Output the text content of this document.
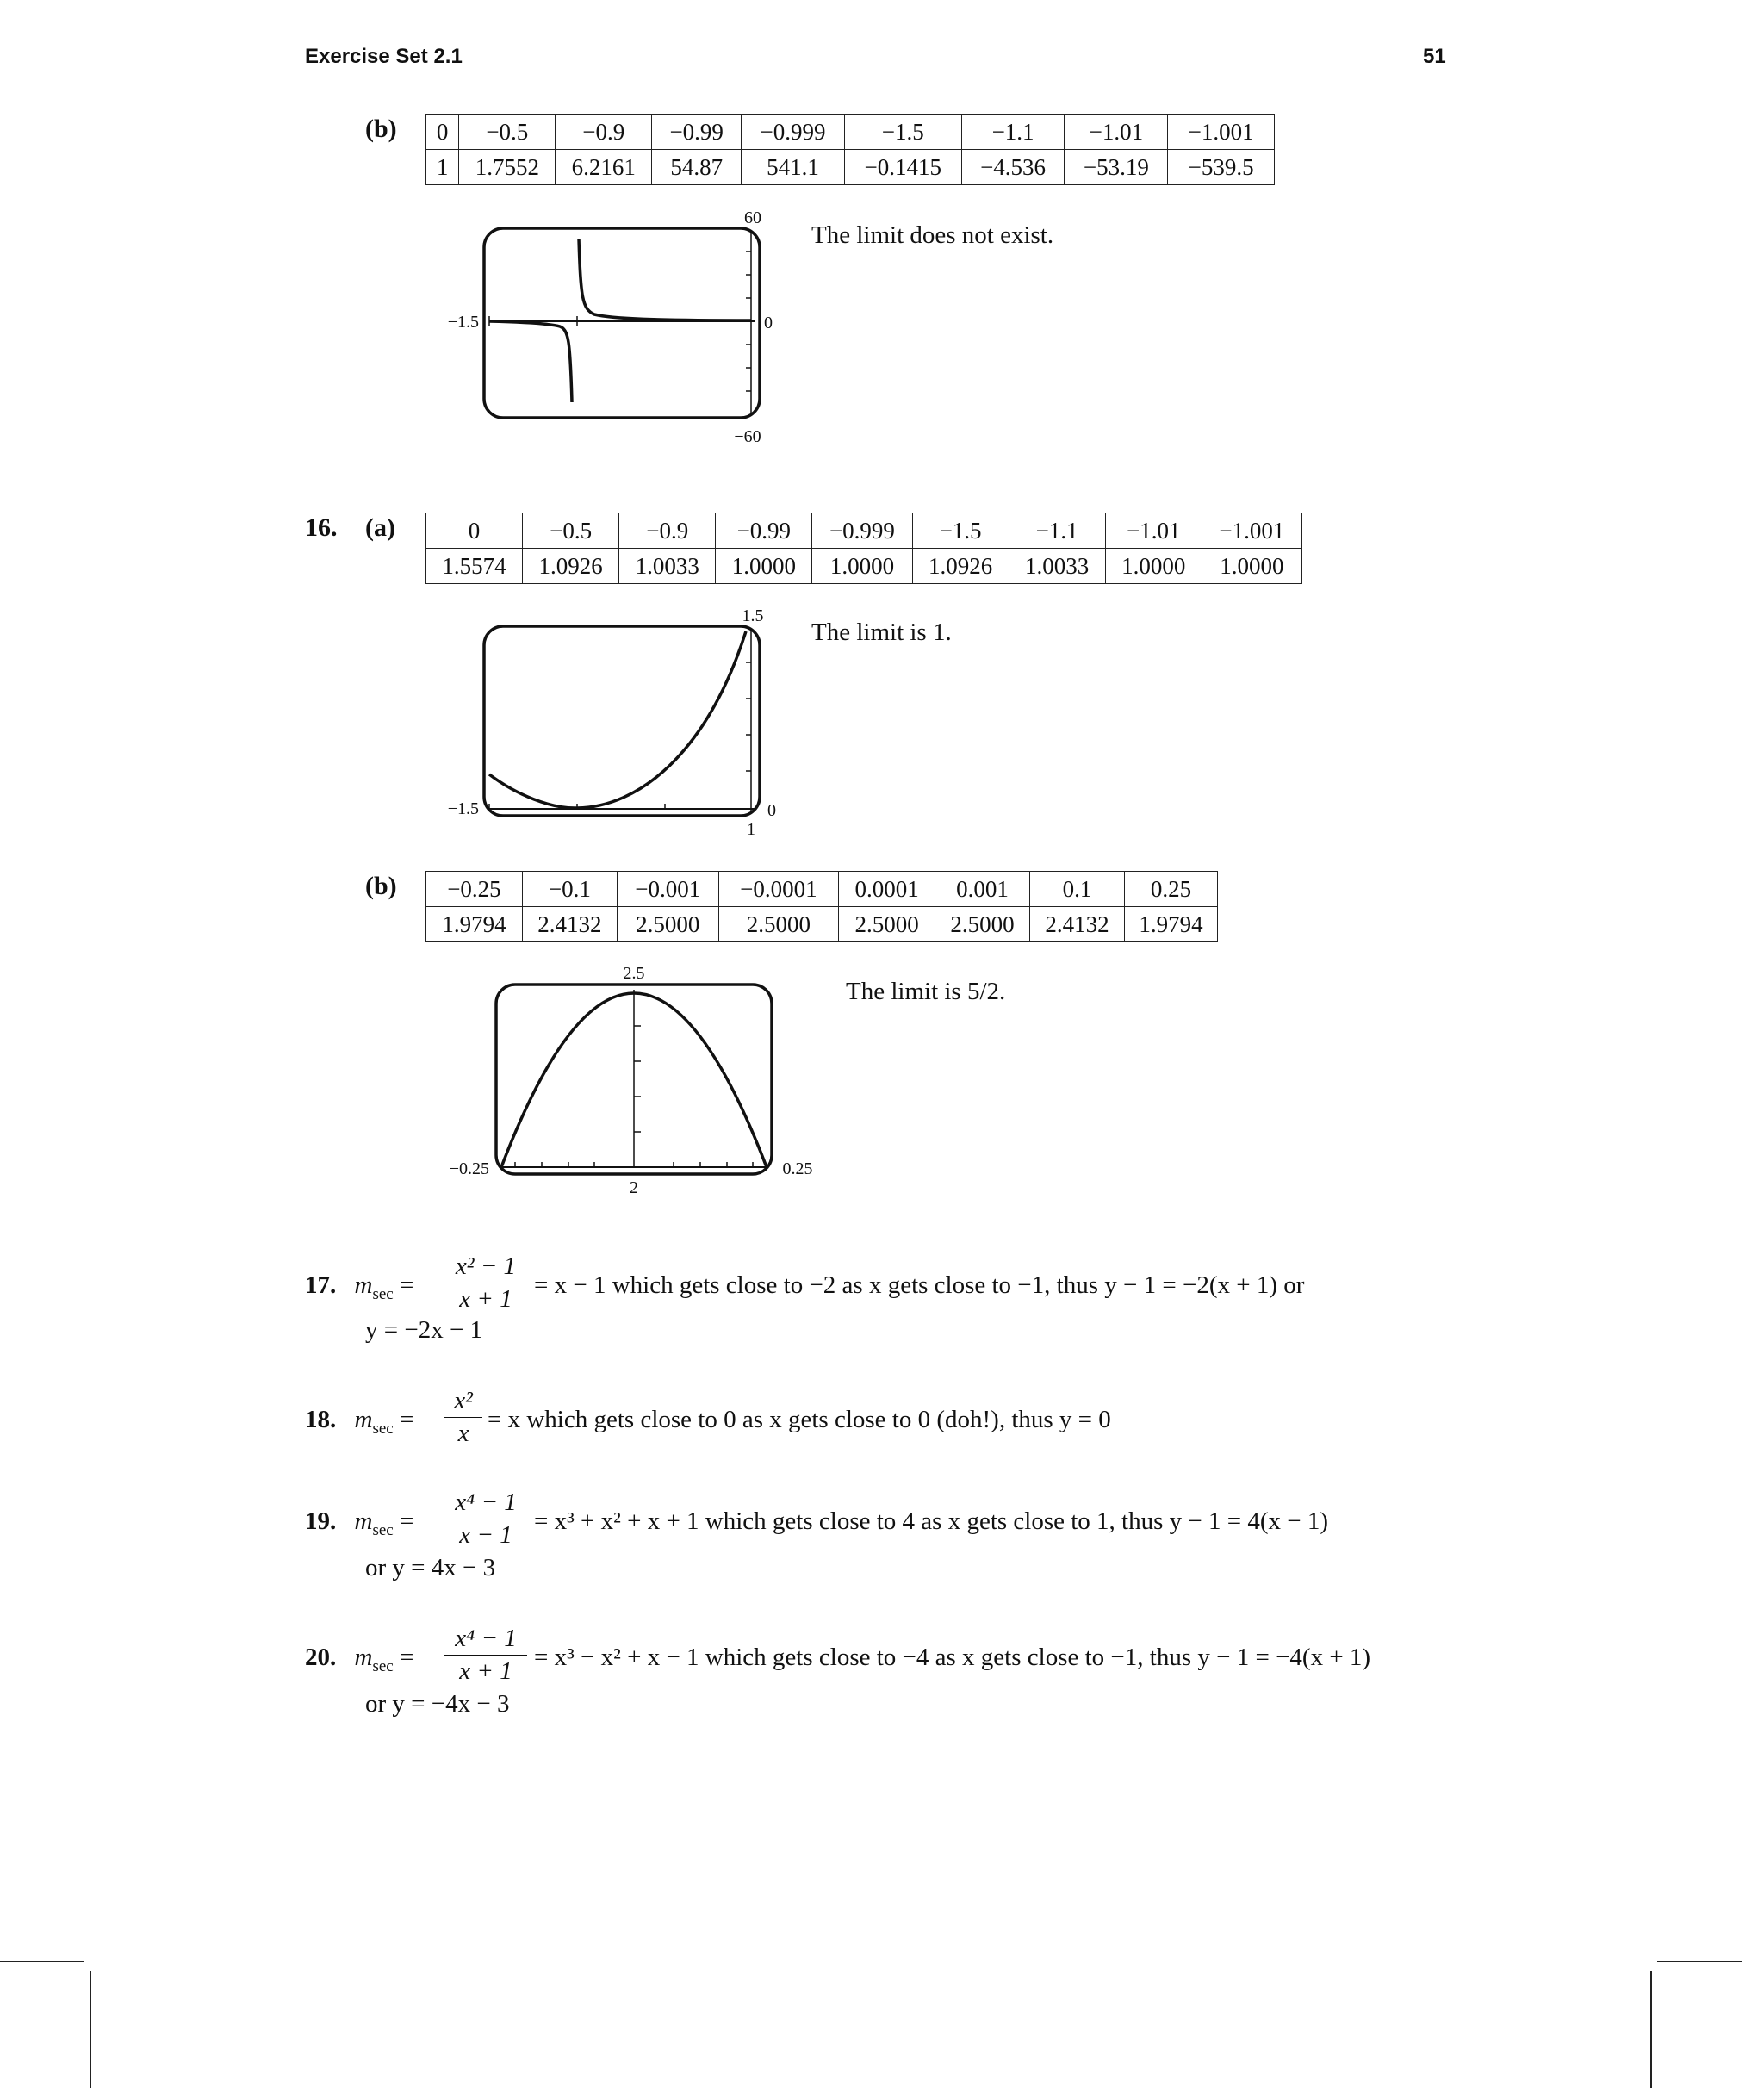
Exercise Set 2.1	51
(b) 0	−0.5	−0.9	−0.99	−0.999	−1.5	−1.1	−1.01	−1.001
1	1.7552	6.2161	54.87	541.1	−0.1415	−4.536	−53.19	−539.5
60
−60
−1.5	0
The limit does not exist.
16. (a)	0	−0.5	−0.9	−0.99	−0.999	−1.5	−1.1	−1.01	−1.001
1.5574	1.0926	1.0033	1.0000	1.0000	1.0926	1.0033	1.0000	1.0000
1.5
1
−1.5	0
The limit is 1.
(b) −0.25	−0.1	−0.001	−0.0001	0.0001	0.001	0.1	0.25
1.9794	2.4132	2.5000	2.5000	2.5000	2.5000	2.4132	1.9794
2.5
2
−0.25	0.25
The limit is 5/2.
17. $m_{sec} = \frac{\text{x² − 1}}{x + 1} = x - 1$ which gets close to −2 as x gets close to −1, thus y − 1 = −2(x + 1) or
y = −2x − 1
18. $m_{sec} = \frac{\text{x²}}{x} = x$ which gets close to 0 as x gets close to 0 (doh!), thus y = 0
19. $m_{sec} = \frac{\text{x⁴ − 1}}{x - 1} = x^3 + x^2 + x + 1$ which gets close to 4 as x gets close to 1, thus y − 1 = 4(x − 1)
or y = 4x − 3
20. $m_{sec} = \frac{\text{x⁴ − 1}}{x + 1} = x^3 - x^2 + x - 1$ which gets close to −4 as x gets close to −1, thus y − 1 = −4(x + 1)
or y = −4x − 3
